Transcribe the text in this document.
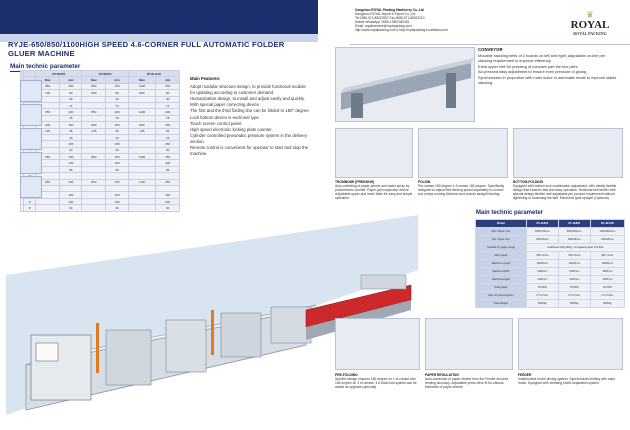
RYJE-650/850/1100HIGH SPEED 4.6-CORNER FULL AUTOMATIC FOLDER GLUER MACHINE
Main technic parameter
		RYJE650		RYJE850		RYJE1100	
		Max	min	Max	min	Max	min
		650	150	850	150	1100	150
		700	90	900	90	800	90
			40		40		40
			74		74		74
		650	100	850	100	1100	100
			78		78		78
		600	150	800	150	800	150
		135	35	135	35	135	35
			19		19		19
			155		155		155
	J		30		30		30
		650	150	850	150	1100	150
			100		100		100
			95		95		95

		650	150	850	150	1100	150

			150		150		150
	O		100		100		100
	P		30		30		30
Main Features:
Adopt modular structure design, to provide functional module for updating according to customer demand.
Humanization design, to install and adjust easily and quickly.
With special paper correcting device.
The first and the third folding line can be folded to 180° degree.
Lock bottom device is sectional type.
Touch screen control panel.
High speed electronic kicking plate counter.
Cylinder controlled pneumatic pressure system in the delivery section.
Remote control is convenient for operator to start and stop the machine.
Cangzhou ROYAL Packing Machinery Co.,Ltd
Hangzhou ROYAL Import & Export Co.,Ltd.
Tel:0086-571-85022957 Fax:0086-571-85022213
Mobile WhatsApp: 0086-13857460351
Email: royalmachine@royalpacking.com
http://www.royalpacking.com & http://royalpacking.en.alibaba.com
♛
ROYAL
ROYAL PACKING
CONVEYOR
Movable stacking belts of 2 boards on left and right ,adjustable on-line per stacking requirement to improve efficiency.
Extra upper belt for pressing of concave part the box piles.
Air-pressed easy adjustment to ensure even pressure of gluing.
Synchronized in proportion with main motor in automatic mode to improve stable stacking.
TROMBONE (PRESSING)
Auto-collecting of paper-sheets and water spray by photoelectric counter. Paper-jam inspection device. Adjustable upper and lower belts for easy and simple operation.
FOLDIN
Pre-crease 180 degree 4-6 crease 180 degree. Specifically designed to adjust belt feeding speed separately to correct box entrys running direction and ensure straight feeding.
BOTTOM-FOLDING
Equipped with bottom lock combination adjustment, with ideally flexible design that ensures fast and easy operation. Sectional belt feeder with special design,flexible and adjustable per product requirement without tightening or loosening the belt. Electronic glue sprayer (Optional).
Main technic parameter
Model	RY-JE650	RY-JE850	RY-JE1100
Max. Paper size	650X700mm	850X900mm	1100X900mm
Min. Paper size	185x95mm	185x95mm	185x95mm
Suitable for paper range	cardboard 200g-800g, corrugated paper F-E flute		
Max speed	450 m/min	450 m/min	450 m/min
Machine Length	16000mm	16000mm	16000mm
Machine Width	1300mm	1500mm	1800mm
Machine Height	1450mm	1450mm	1450mm
Total power	16.5KW	16.5KW	16.5KW
Max. Air Consumption	0.7m³/min	0.7m³/min	0.7m³/min
Total Weight	8000kg	8500kg	9000kg
PRE-FOLDING
Specific design ensures 180 degree on 1 st crease and 165 degree on 3 rd crease. 4-6 back-fold system can be added as upgrade (optional).
PAPER REGULATION
Auto-correction of paper-sheets from the Feeder ensures feeding accuracy. Adjustable press drive fit for various thickness of paper-sheets.
FEEDER
Independent motor driving system. Synchronized belting with main motor. Equipped with vibrating sheet-separation system.
